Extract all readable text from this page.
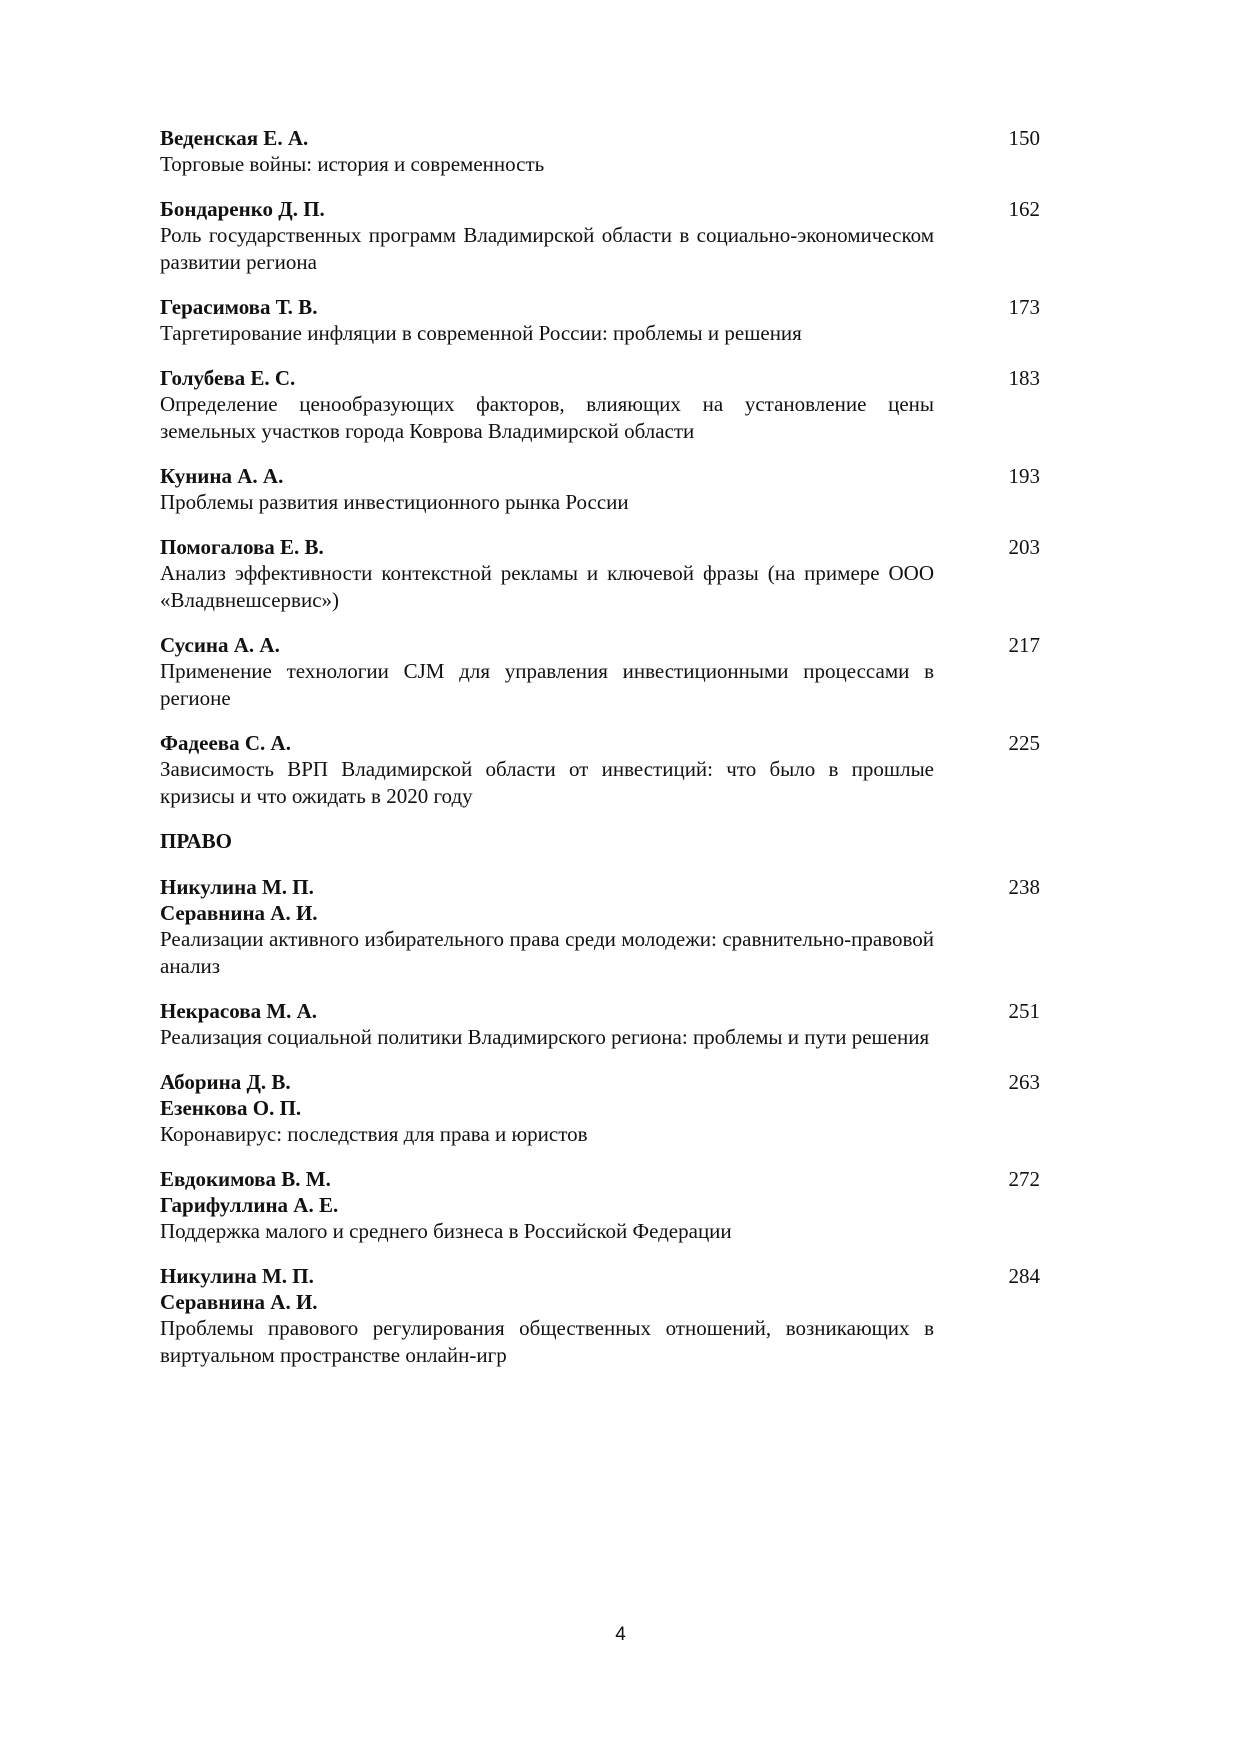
Веденская Е. А.
Торговые войны: история и современность
150
Бондаренко Д. П.
Роль государственных программ Владимирской области в социально-экономическом развитии региона
162
Герасимова Т. В.
Таргетирование инфляции в современной России: проблемы и решения
173
Голубева Е. С.
Определение ценообразующих факторов, влияющих на установление цены земельных участков города Коврова Владимирской области
183
Кунина А. А.
Проблемы развития инвестиционного рынка России
193
Помогалова Е. В.
Анализ эффективности контекстной рекламы и ключевой фразы (на примере ООО «Владвнешсервис»)
203
Сусина А. А.
Применение технологии CJM для управления инвестиционными процессами в регионе
217
Фадеева С. А.
Зависимость ВРП Владимирской области от инвестиций: что было в прошлые кризисы и что ожидать в 2020 году
225
ПРАВО
Никулина М. П.
Серавнина А. И.
Реализации активного избирательного права среди молодежи: сравнительно-правовой анализ
238
Некрасова М. А.
Реализация социальной политики Владимирского региона: проблемы и пути решения
251
Аборина Д. В.
Езенкова О. П.
Коронавирус: последствия для права и юристов
263
Евдокимова В. М.
Гарифуллина А. Е.
Поддержка малого и среднего бизнеса в Российской Федерации
272
Никулина М. П.
Серавнина А. И.
Проблемы правового регулирования общественных отношений, возникающих в виртуальном пространстве онлайн-игр
284
4
